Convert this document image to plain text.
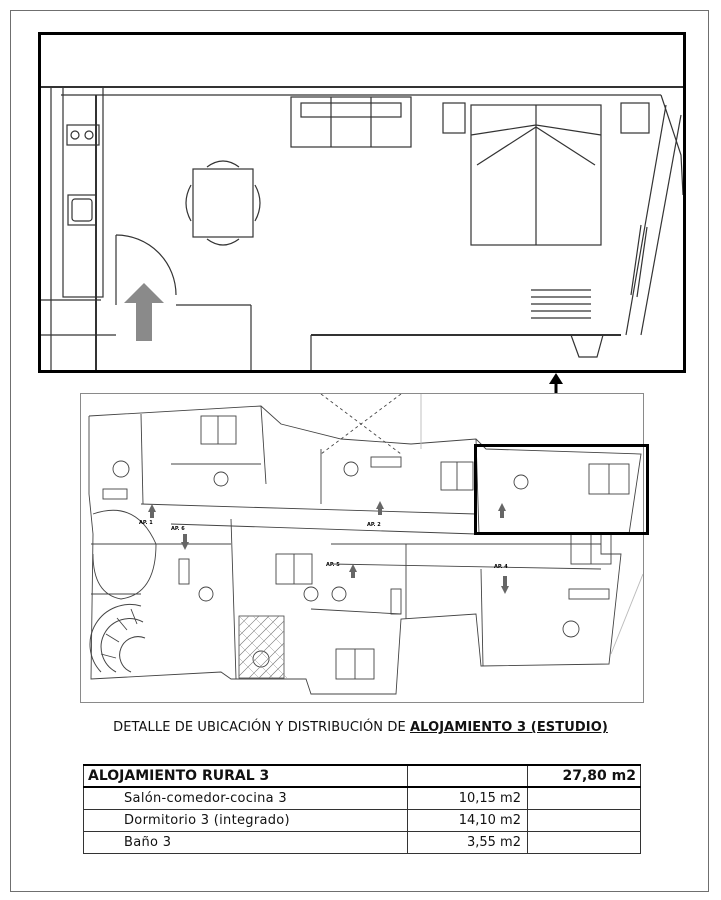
AP. 1
AP. 6
AP. 2
AP. 5	AP. 4
DETALLE DE UBICACIÓN Y DISTRIBUCIÓN DE ALOJAMIENTO 3 (ESTUDIO)
ALOJAMIENTO RURAL 3		27,80 m2
Salón-comedor-cocina 3	10,15 m2	
Dormitorio 3 (integrado)	14,10 m2	
Baño 3	3,55 m2	
